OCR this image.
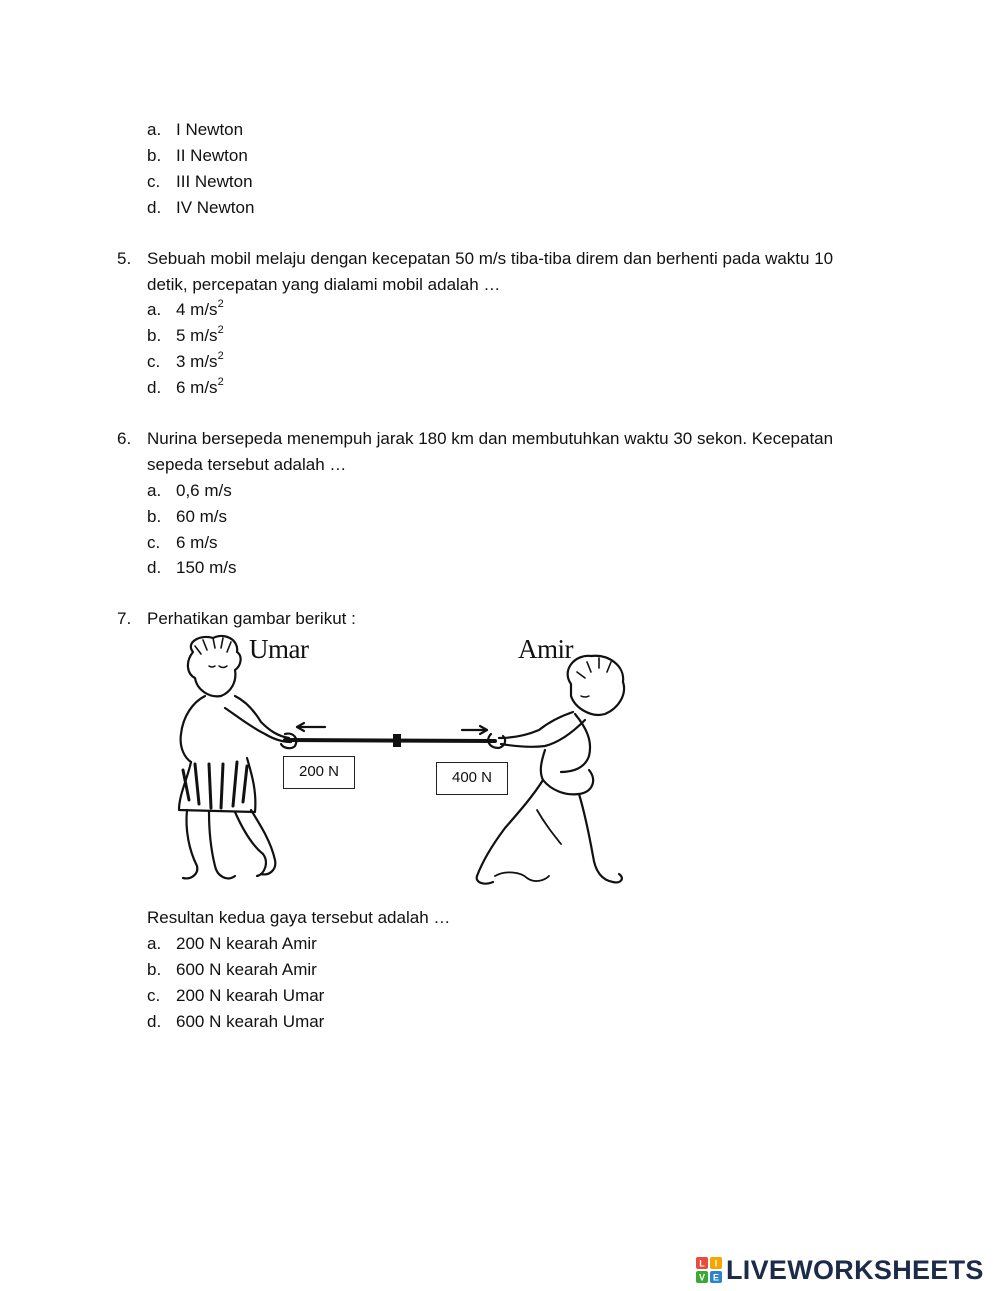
a. I Newton
b. II Newton
c. III Newton
d. IV Newton
5. Sebuah mobil melaju dengan kecepatan 50 m/s tiba-tiba direm dan berhenti pada waktu 10
detik, percepatan yang dialami mobil adalah …
a. 4 $m/s^2$
b. 5 $m/s^2$
c. 3 $m/s^2$
d. 6 $m/s^2$
6. Nurina bersepeda menempuh jarak 180 km dan membutuhkan waktu 30 sekon. Kecepatan
sepeda tersebut adalah …
a. 0,6 m/s
b. 60 m/s
c. 6 m/s
d. 150 m/s
7. Perhatikan gambar berikut :
Umar	Amir
200 N	400 N
Resultan kedua gaya tersebut adalah …
a. 200 N kearah Amir
b. 600 N kearah Amir
c. 200 N kearah Umar
d. 600 N kearah Umar
L I
V E LIVEWORKSHEETS
